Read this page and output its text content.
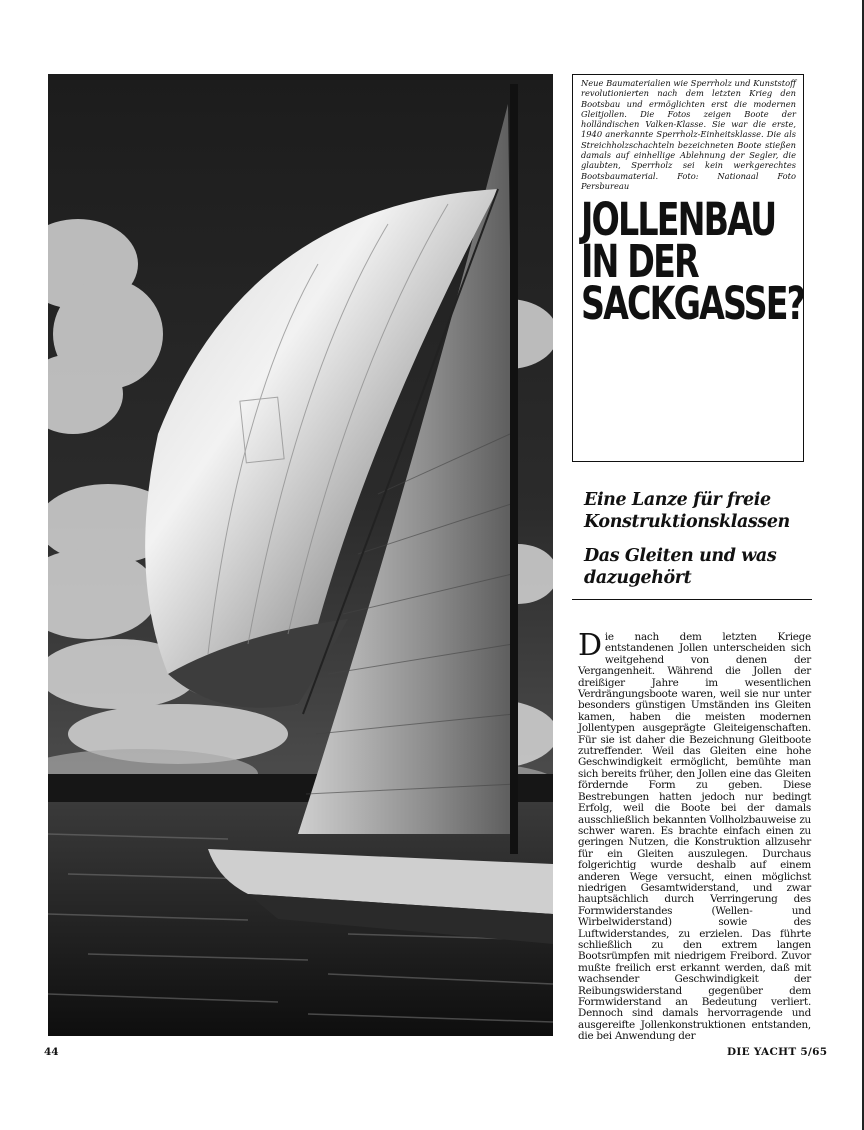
Neue Baumaterialien wie Sperrholz und Kunststoff revolutionierten nach dem letzten Krieg den Bootsbau und ermöglichten erst die modernen Gleitjollen. Die Fotos zeigen Boote der holländischen Valken-Klasse. Sie war die erste, 1940 anerkannte Sperrholz-Einheitsklasse. Die als Streichholzschachteln bezeichneten Boote stießen damals auf einhellige Ablehnung der Segler, die glaubten, Sperrholz sei kein werkgerechtes Bootsbaumaterial. Foto: Nationaal Foto Persbureau

JOLLENBAU
IN DER
SACKGASSE?
Eine Lanze für freie
Konstruktionsklassen
Das Gleiten und was
dazugehört

Die nach dem letzten Kriege entstandenen Jollen unterscheiden sich weitgehend von denen der Vergangenheit. Während die Jollen der dreißiger Jahre im wesentlichen Verdrängungsboote waren, weil sie nur unter besonders günstigen Umständen ins Gleiten kamen, haben die meisten modernen Jollentypen ausgeprägte Gleiteigenschaften. Für sie ist daher die Bezeichnung Gleitboote zutreffender. Weil das Gleiten eine hohe Geschwindigkeit ermöglicht, bemühte man sich bereits früher, den Jollen eine das Gleiten fördernde Form zu geben. Diese Bestrebungen hatten jedoch nur bedingt Erfolg, weil die Boote bei der damals ausschließlich bekannten Vollholzbauweise zu schwer waren. Es brachte einfach einen zu geringen Nutzen, die Konstruktion allzusehr für ein Gleiten auszulegen. Durchaus folgerichtig wurde deshalb auf einem anderen Wege versucht, einen möglichst niedrigen Gesamtwiderstand, und zwar hauptsächlich durch Verringerung des Formwiderstandes (Wellen- und Wirbelwiderstand) sowie des Luftwiderstandes, zu erzielen. Das führte schließlich zu den extrem langen Bootsrümpfen mit niedrigem Freibord. Zuvor mußte freilich erst erkannt werden, daß mit wachsender Geschwindigkeit der Reibungswiderstand gegenüber dem Formwiderstand an Bedeutung verliert. Dennoch sind damals hervorragende und ausgereifte Jollenkonstruktionen entstanden, die bei Anwendung der

44	DIE YACHT 5/65
